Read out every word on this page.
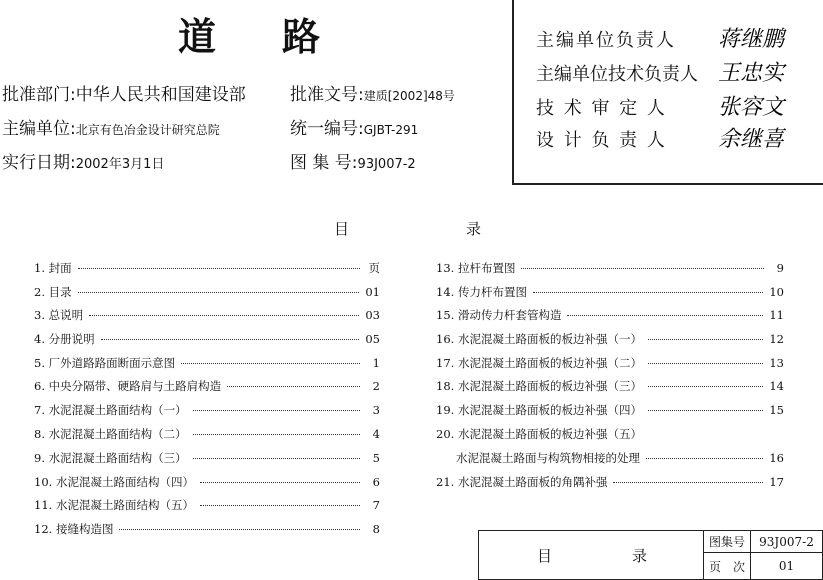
道 路
批准部门:中华人民共和国建设部
主编单位:北京有色冶金设计研究总院
实行日期:2002年3月1日
批准文号:建质[2002]48号
统一编号:GJBT-291
图 集 号:93J007-2
主编单位负责人 蒋继鹏
主编单位技术负责人 王忠实
技 术 审 定 人 张容文
设 计 负 责 人 余继喜
目	录
1. 封面	页
2. 目录	01
3. 总说明	03
4. 分册说明	05
5. 厂外道路路面断面示意图	1
6. 中央分隔带、硬路肩与土路肩构造	2
7. 水泥混凝土路面结构（一）	3
8. 水泥混凝土路面结构（二）	4
9. 水泥混凝土路面结构（三）	5
10. 水泥混凝土路面结构（四）	6
11. 水泥混凝土路面结构（五）	7
12. 接缝构造图	8
13. 拉杆布置图	9
14. 传力杆布置图	10
15. 滑动传力杆套管构造	11
16. 水泥混凝土路面板的板边补强（一）	12
17. 水泥混凝土路面板的板边补强（二）	13
18. 水泥混凝土路面板的板边补强（三）	14
19. 水泥混凝土路面板的板边补强（四）	15
20. 水泥混凝土路面板的板边补强（五）
水泥混凝土路面与构筑物相接的处理	16
21. 水泥混凝土路面板的角隅补强	17
目	录
图集号	93J007-2
页　次	01
